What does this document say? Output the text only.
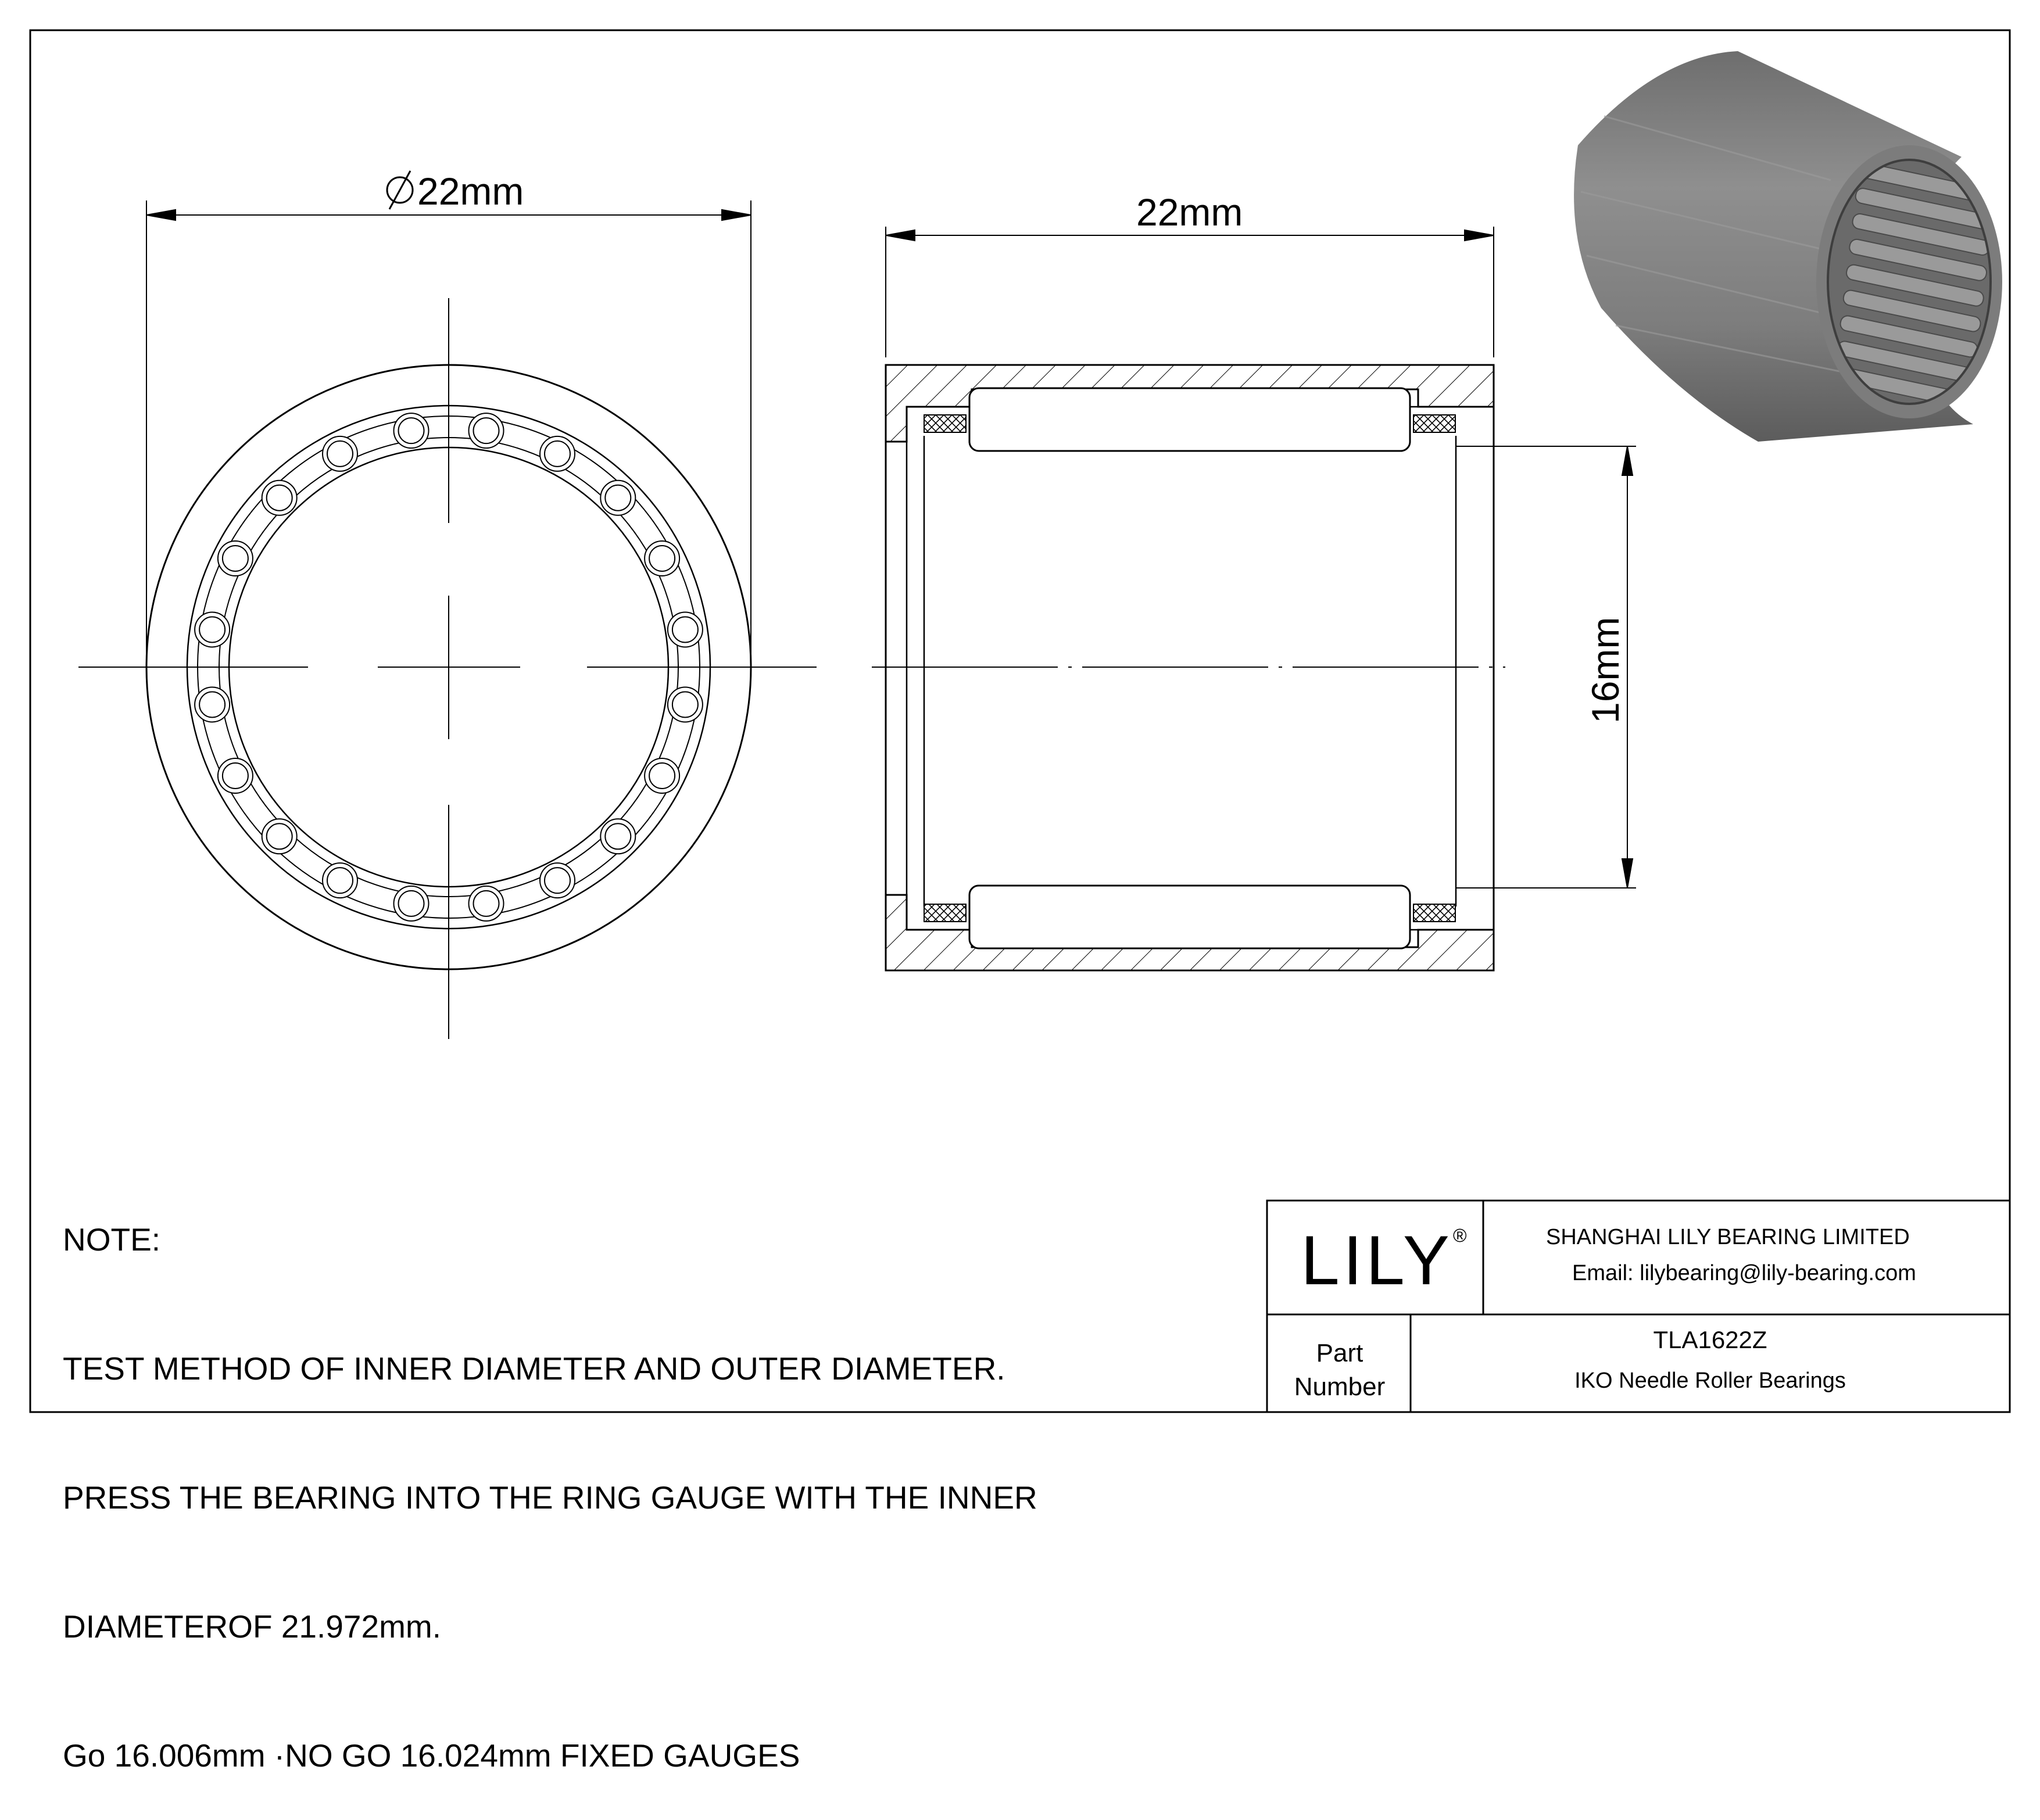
22mm	22mm
16mm

NOTE:

TEST METHOD OF INNER DIAMETER AND OUTER DIAMETER.

PRESS THE BEARING INTO THE RING GAUGE WITH THE INNER

DIAMETEROF 21.972mm.

Go 16.006mm ·NO GO 16.024mm FIXED GAUGES

LILY®	SHANGHAI LILY BEARING LIMITED
Email: lilybearing@lily-bearing.com
Part
Number
TLA1622Z
IKO Needle Roller Bearings
